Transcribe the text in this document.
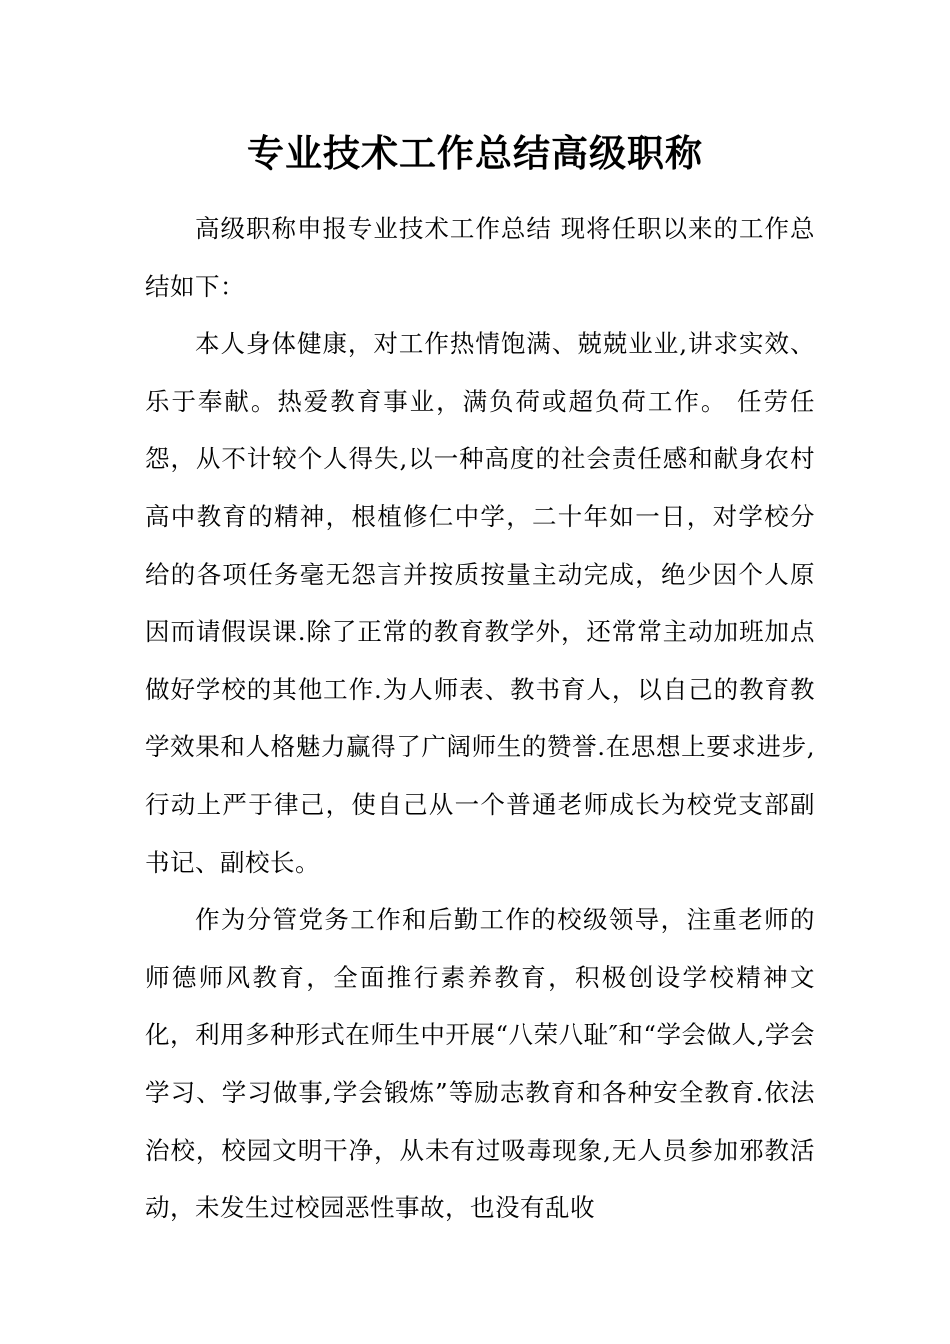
专业技术工作总结高级职称

高级职称申报专业技术工作总结 现将任职以来的工作总结如下：

本人身体健康，对工作热情饱满、兢兢业业,讲求实效、乐于奉献。热爱教育事业，满负荷或超负荷工作。 任劳任怨，从不计较个人得失,以一种高度的社会责任感和献身农村高中教育的精神，根植修仁中学，二十年如一日，对学校分给的各项任务毫无怨言并按质按量主动完成，绝少因个人原因而请假误课.除了正常的教育教学外，还常常主动加班加点做好学校的其他工作.为人师表、教书育人，以自己的教育教学效果和人格魅力赢得了广阔师生的赞誉.在思想上要求进步,行动上严于律己，使自己从一个普通老师成长为校党支部副书记、副校长。

作为分管党务工作和后勤工作的校级领导，注重老师的师德师风教育，全面推行素养教育，积极创设学校精神文化，利用多种形式在师生中开展“八荣八耻″和“学会做人,学会学习、学习做事,学会锻炼”等励志教育和各种安全教育.依法治校，校园文明干净，从未有过吸毒现象,无人员参加邪教活动，未发生过校园恶性事故，也没有乱收
